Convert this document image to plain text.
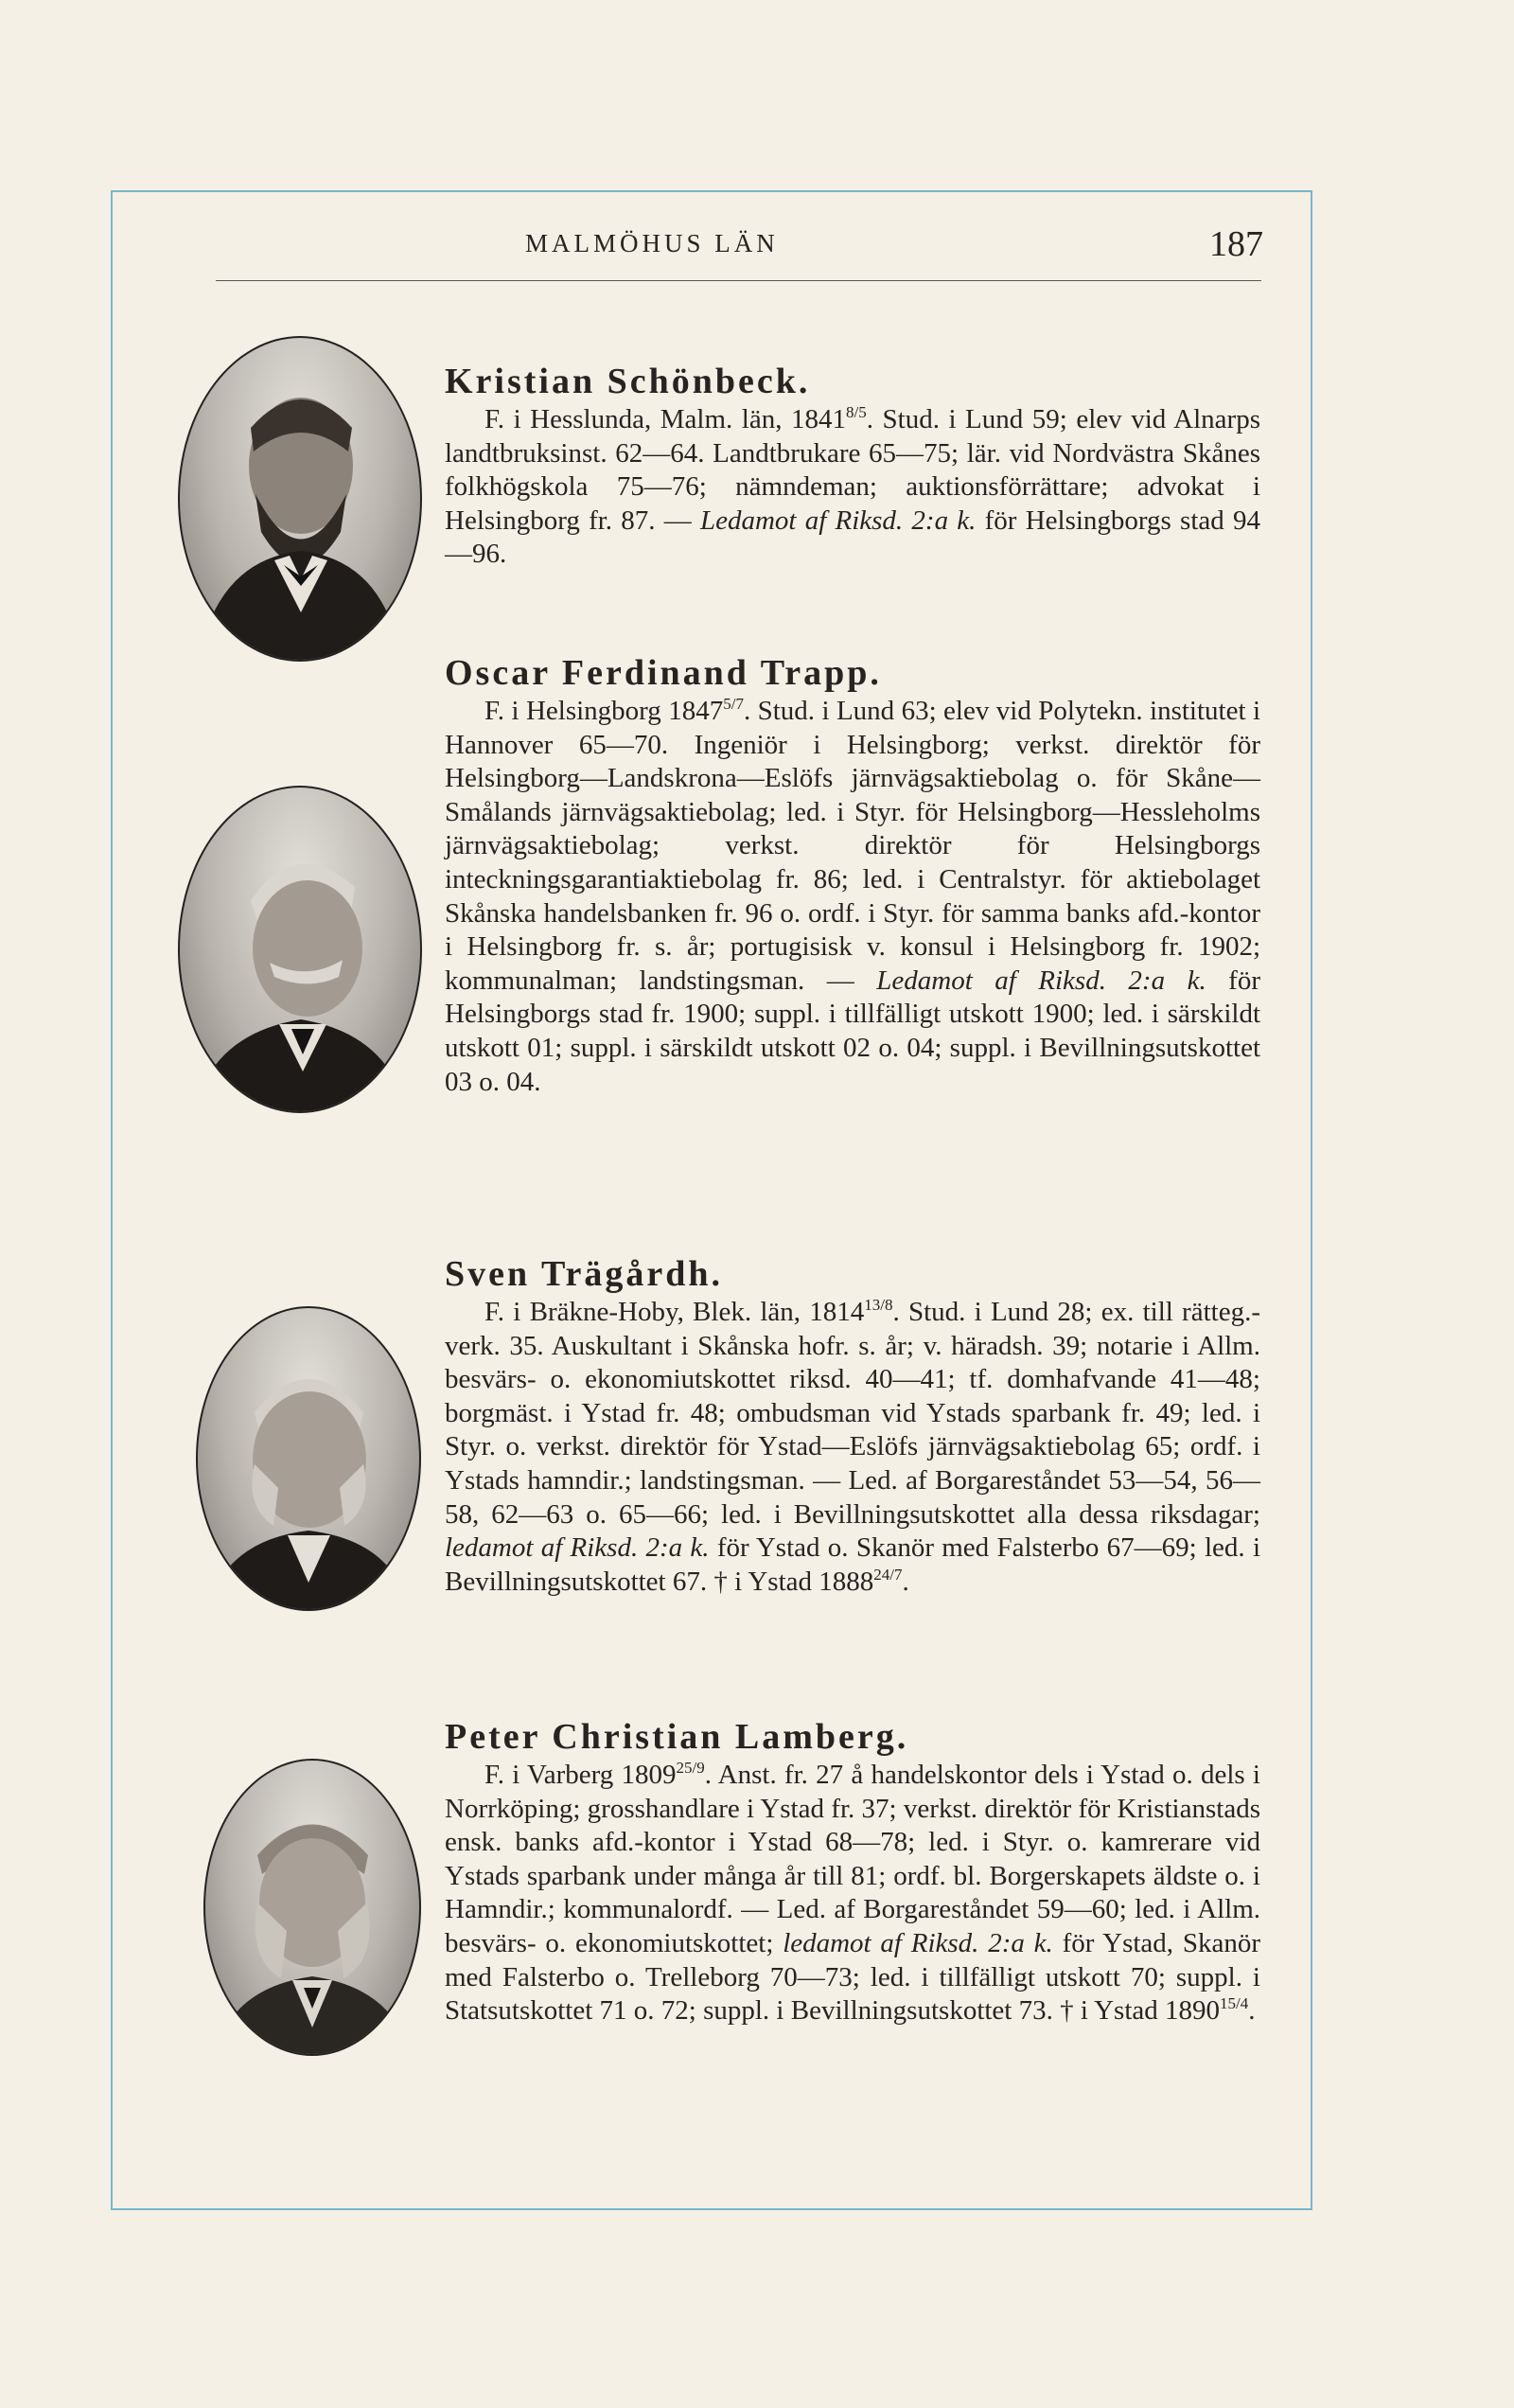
MALMÖHUS LÄN	187
Kristian Schönbeck.

F. i Hesslunda, Malm. län, $1841^{8/5}$. Stud. i Lund 59; elev vid Alnarps landtbruksinst. 62—64. Landtbrukare 65—75; lär. vid Nordvästra Skånes folkhögskola 75—76; nämndeman; auktionsförrättare; advokat i Helsingborg fr. 87. — Ledamot af Riksd. 2:a k. för Helsingborgs stad 94—96.

Oscar Ferdinand Trapp.

F. i Helsingborg $1847^{5/7}$. Stud. i Lund 63; elev vid Polytekn. institutet i Hannover 65—70. Ingeniör i Helsingborg; verkst. direktör för Helsingborg—Landskrona—Eslöfs järnvägsaktiebolag o. för Skåne—Smålands järnvägsaktiebolag; led. i Styr. för Helsingborg—Hessleholms järnvägsaktiebolag; verkst. direktör för Helsingborgs inteckningsgarantiaktiebolag fr. 86; led. i Centralstyr. för aktiebolaget Skånska handelsbanken fr. 96 o. ordf. i Styr. för samma banks afd.-kontor i Helsingborg fr. s. år; portugisisk v. konsul i Helsingborg fr. 1902; kommunalman; landstingsman. — Ledamot af Riksd. 2:a k. för Helsingborgs stad fr. 1900; suppl. i tillfälligt utskott 1900; led. i särskildt utskott 01; suppl. i särskildt utskott 02 o. 04; suppl. i Bevillningsutskottet 03 o. 04.

Sven Trägårdh.

F. i Bräkne-Hoby, Blek. län, $1814^{13/8}$. Stud. i Lund 28; ex. till rätteg.-verk. 35. Auskultant i Skånska hofr. s. år; v. häradsh. 39; notarie i Allm. besvärs- o. ekonomiutskottet riksd. 40—41; tf. domhafvande 41—48; borgmäst. i Ystad fr. 48; ombudsman vid Ystads sparbank fr. 49; led. i Styr. o. verkst. direktör för Ystad—Eslöfs järnvägsaktiebolag 65; ordf. i Ystads hamndir.; landstingsman. — Led. af Borgareståndet 53—54, 56—58, 62—63 o. 65—66; led. i Bevillningsutskottet alla dessa riksdagar; ledamot af Riksd. 2:a k. för Ystad o. Skanör med Falsterbo 67—69; led. i Bevillningsutskottet 67. † i Ystad $1888^{24/7}$.

Peter Christian Lamberg.

F. i Varberg $1809^{25/9}$. Anst. fr. 27 å handelskontor dels i Ystad o. dels i Norrköping; grosshandlare i Ystad fr. 37; verkst. direktör för Kristianstads ensk. banks afd.-kontor i Ystad 68—78; led. i Styr. o. kamrerare vid Ystads sparbank under många år till 81; ordf. bl. Borgerskapets äldste o. i Hamndir.; kommunalordf. — Led. af Borgareståndet 59—60; led. i Allm. besvärs- o. ekonomiutskottet; ledamot af Riksd. 2:a k. för Ystad, Skanör med Falsterbo o. Trelleborg 70—73; led. i tillfälligt utskott 70; suppl. i Statsutskottet 71 o. 72; suppl. i Bevillningsutskottet 73. † i Ystad $1890^{15/4}$.
